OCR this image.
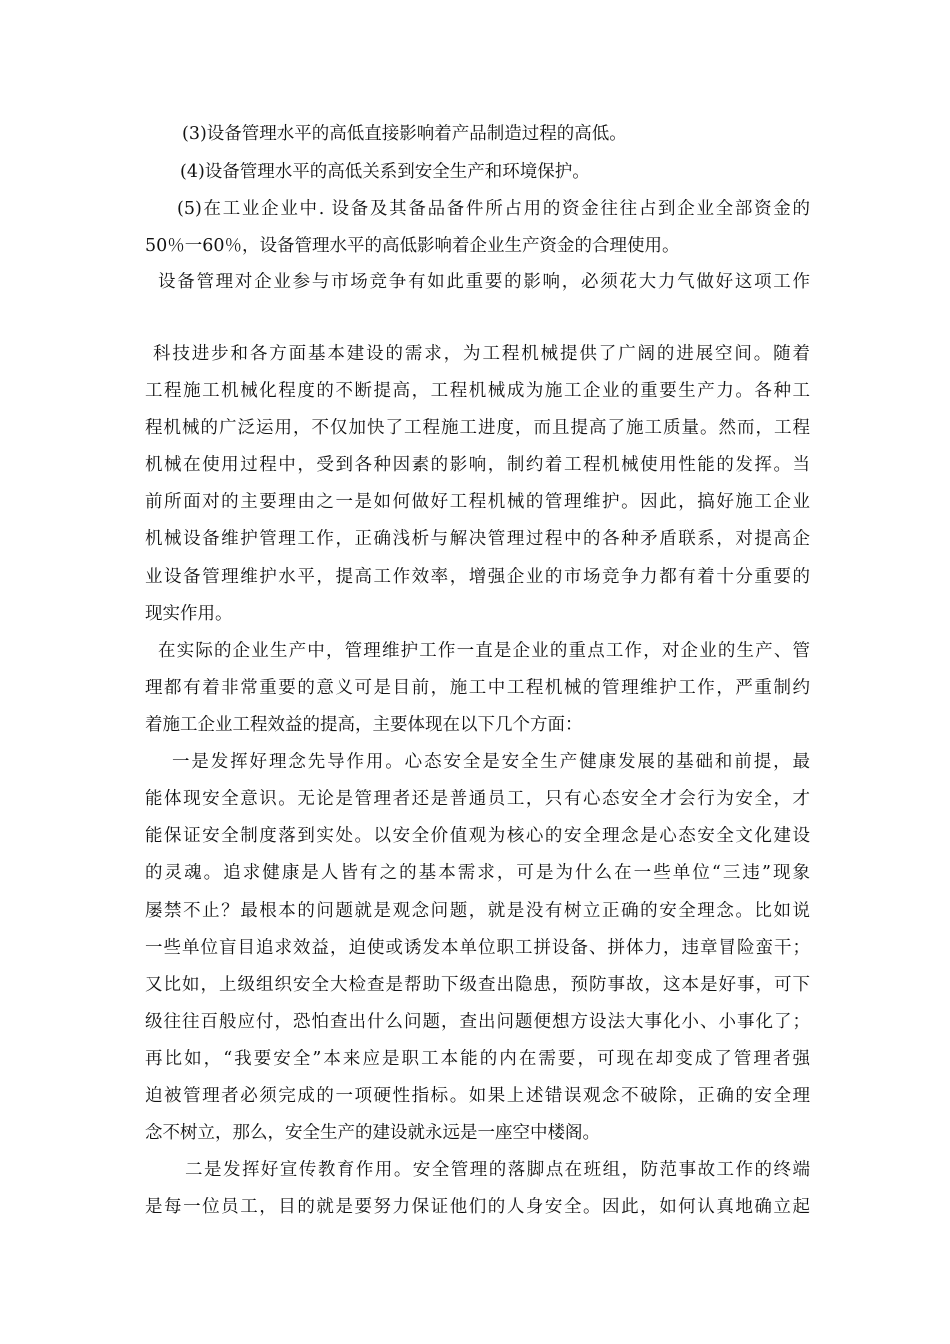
(3)设备管理水平的高低直接影响着产品制造过程的高低。
(4)设备管理水平的高低关系到安全生产和环境保护。
(5)在工业企业中. 设备及其备品备件所占用的资金往往占到企业全部资金的
50％一60％，设备管理水平的高低影响着企业生产资金的合理使用。
设备管理对企业参与市场竞争有如此重要的影响，必须花大力气做好这项工作
科技进步和各方面基本建设的需求，为工程机械提供了广阔的进展空间。随着
工程施工机械化程度的不断提高，工程机械成为施工企业的重要生产力。各种工
程机械的广泛运用，不仅加快了工程施工进度，而且提高了施工质量。然而，工程
机械在使用过程中，受到各种因素的影响，制约着工程机械使用性能的发挥。当
前所面对的主要理由之一是如何做好工程机械的管理维护。因此，搞好施工企业
机械设备维护管理工作，正确浅析与解决管理过程中的各种矛盾联系，对提高企
业设备管理维护水平，提高工作效率，增强企业的市场竞争力都有着十分重要的
现实作用。
在实际的企业生产中，管理维护工作一直是企业的重点工作，对企业的生产、管
理都有着非常重要的意义可是目前，施工中工程机械的管理维护工作，严重制约
着施工企业工程效益的提高，主要体现在以下几个方面：
一是发挥好理念先导作用。心态安全是安全生产健康发展的基础和前提，最
能体现安全意识。无论是管理者还是普通员工，只有心态安全才会行为安全，才
能保证安全制度落到实处。以安全价值观为核心的安全理念是心态安全文化建设
的灵魂。追求健康是人皆有之的基本需求，可是为什么在一些单位“三违”现象
屡禁不止？最根本的问题就是观念问题，就是没有树立正确的安全理念。比如说
一些单位盲目追求效益，迫使或诱发本单位职工拼设备、拼体力，违章冒险蛮干；
又比如，上级组织安全大检查是帮助下级查出隐患，预防事故，这本是好事，可下
级往往百般应付，恐怕查出什么问题，查出问题便想方设法大事化小、小事化了；
再比如，“我要安全”本来应是职工本能的内在需要，可现在却变成了管理者强
迫被管理者必须完成的一项硬性指标。如果上述错误观念不破除，正确的安全理
念不树立，那么，安全生产的建设就永远是一座空中楼阁。
二是发挥好宣传教育作用。安全管理的落脚点在班组，防范事故工作的终端
是每一位员工，目的就是要努力保证他们的人身安全。因此，如何认真地确立起
